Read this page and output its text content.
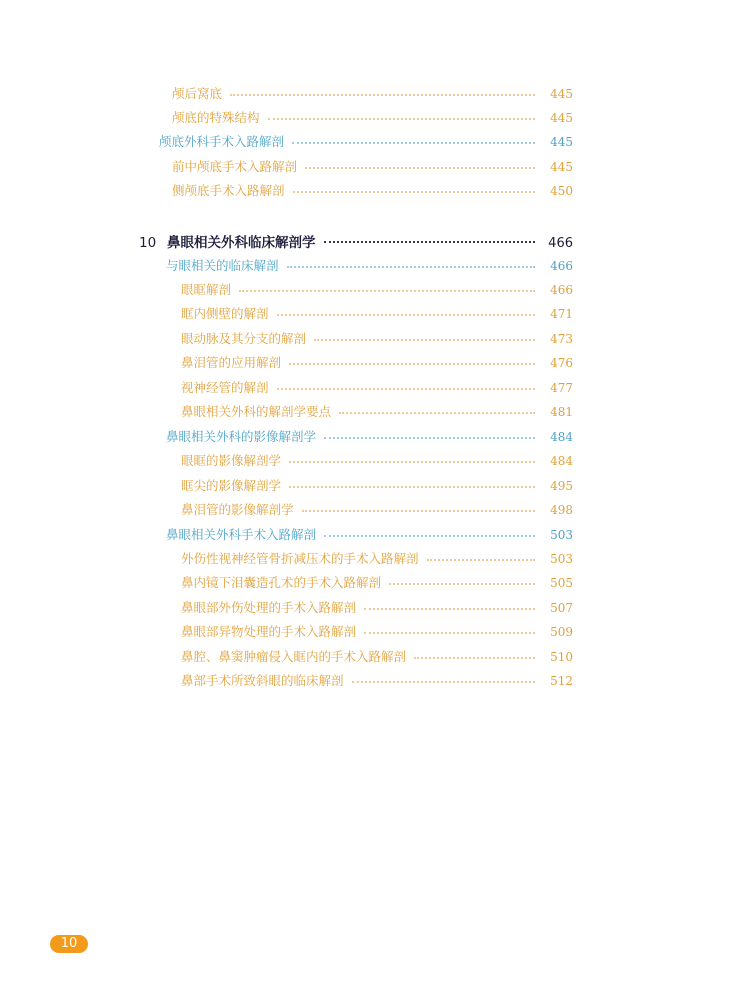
颅后窝底	445
颅底的特殊结构	445
颅底外科手术入路解剖	445
前中颅底手术入路解剖	445
侧颅底手术入路解剖	450
10 鼻眼相关外科临床解剖学	466
与眼相关的临床解剖	466
眼眶解剖	466
眶内侧壁的解剖	471
眼动脉及其分支的解剖	473
鼻泪管的应用解剖	476
视神经管的解剖	477
鼻眼相关外科的解剖学要点	481
鼻眼相关外科的影像解剖学	484
眼眶的影像解剖学	484
眶尖的影像解剖学	495
鼻泪管的影像解剖学	498
鼻眼相关外科手术入路解剖	503
外伤性视神经管骨折减压术的手术入路解剖	503
鼻内镜下泪囊造孔术的手术入路解剖	505
鼻眼部外伤处理的手术入路解剖	507
鼻眼部异物处理的手术入路解剖	509
鼻腔、鼻窦肿瘤侵入眶内的手术入路解剖	510
鼻部手术所致斜眼的临床解剖	512
10
